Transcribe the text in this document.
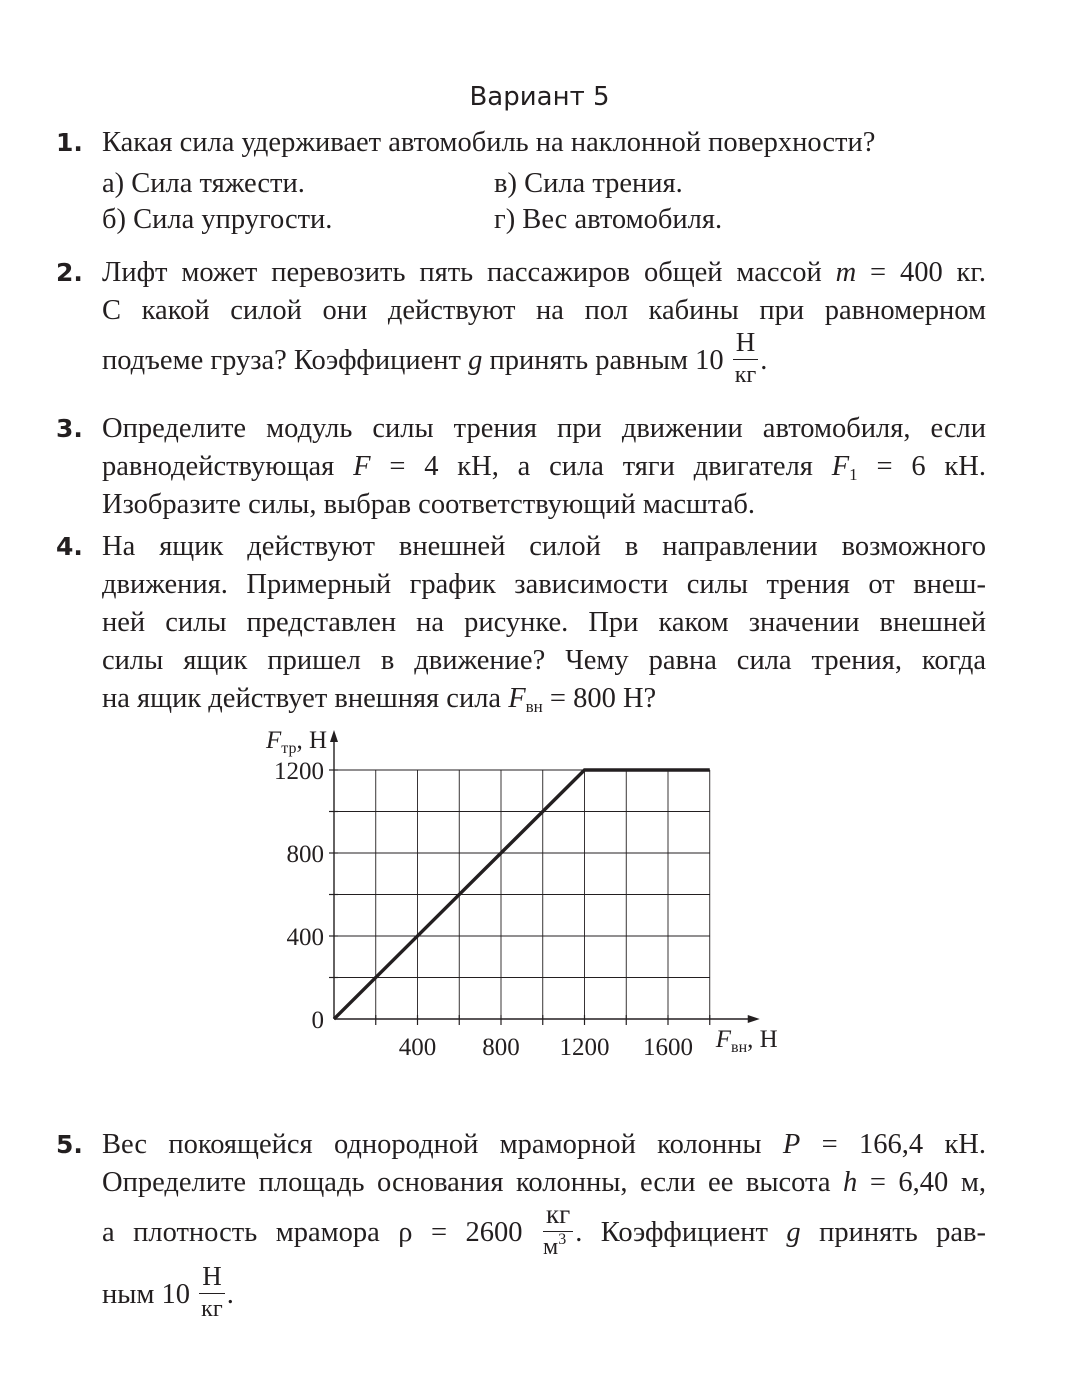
Вариант 5
1. Какая сила удерживает автомобиль на наклонной поверхности?
а) Сила тяжести.
б) Сила упругости.
в) Сила трения.
г) Вес автомобиля.
2. Лифт может перевозить пять пассажиров общей массой m = 400 кг.
С какой силой они действуют на пол кабины при равномерном
подъеме груза? Коэффициент g принять равным $10 \frac{Н}{кг}$ .
3. Определите модуль силы трения при движении автомобиля, если
равнодействующая F = 4 кН, а сила тяги двигателя $F_1 = 6$ кН.
Изобразите силы, выбрав соответствующий масштаб.
4. На ящик действуют внешней силой в направлении возможного
движения. Примерный график зависимости силы трения от внеш-
ней силы представлен на рисунке. При каком значении внешней
силы ящик пришел в движение? Чему равна сила трения, когда
на ящик действует внешняя сила $F_{вн} = 800$ Н?
400 800 1200 1600
0
400
800
1200
$F_{тр}$, Н
$F_{вн}$, Н
5. Вес покоящейся однородной мраморной колонны P = 166,4 кН.
Определите площадь основания колонны, если ее высота h = 6,40 м,
а плотность мрамора $\rho = 2600 \frac{кг}{м^3}$ . Коэффициент g принять рав-
ным $10 \frac{Н}{кг}$ .
